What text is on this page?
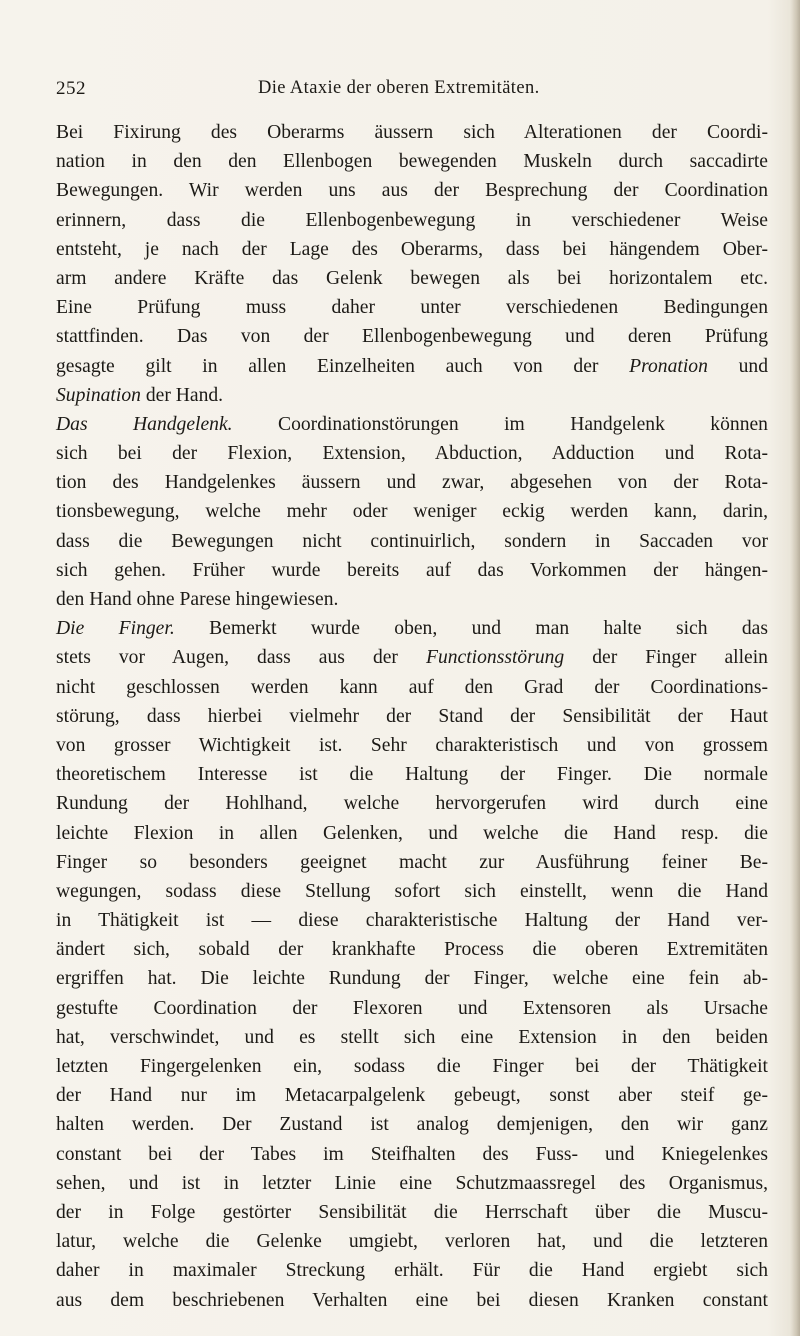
252	Die Ataxie der oberen Extremitäten.
Bei Fixirung des Oberarms äussern sich Alterationen der Coordi-
nation in den den Ellenbogen bewegenden Muskeln durch saccadirte
Bewegungen. Wir werden uns aus der Besprechung der Coordination
erinnern, dass die Ellenbogenbewegung in verschiedener Weise
entsteht, je nach der Lage des Oberarms, dass bei hängendem Ober-
arm andere Kräfte das Gelenk bewegen als bei horizontalem etc.
Eine Prüfung muss daher unter verschiedenen Bedingungen
stattfinden. Das von der Ellenbogenbewegung und deren Prüfung
gesagte gilt in allen Einzelheiten auch von der Pronation und
Supination der Hand.
Das Handgelenk. Coordinationstörungen im Handgelenk können
sich bei der Flexion, Extension, Abduction, Adduction und Rota-
tion des Handgelenkes äussern und zwar, abgesehen von der Rota-
tionsbewegung, welche mehr oder weniger eckig werden kann, darin,
dass die Bewegungen nicht continuirlich, sondern in Saccaden vor
sich gehen. Früher wurde bereits auf das Vorkommen der hängen-
den Hand ohne Parese hingewiesen.
Die Finger. Bemerkt wurde oben, und man halte sich das
stets vor Augen, dass aus der Functionsstörung der Finger allein
nicht geschlossen werden kann auf den Grad der Coordinations-
störung, dass hierbei vielmehr der Stand der Sensibilität der Haut
von grosser Wichtigkeit ist. Sehr charakteristisch und von grossem
theoretischem Interesse ist die Haltung der Finger. Die normale
Rundung der Hohlhand, welche hervorgerufen wird durch eine
leichte Flexion in allen Gelenken, und welche die Hand resp. die
Finger so besonders geeignet macht zur Ausführung feiner Be-
wegungen, sodass diese Stellung sofort sich einstellt, wenn die Hand
in Thätigkeit ist — diese charakteristische Haltung der Hand ver-
ändert sich, sobald der krankhafte Process die oberen Extremitäten
ergriffen hat. Die leichte Rundung der Finger, welche eine fein ab-
gestufte Coordination der Flexoren und Extensoren als Ursache
hat, verschwindet, und es stellt sich eine Extension in den beiden
letzten Fingergelenken ein, sodass die Finger bei der Thätigkeit
der Hand nur im Metacarpalgelenk gebeugt, sonst aber steif ge-
halten werden. Der Zustand ist analog demjenigen, den wir ganz
constant bei der Tabes im Steifhalten des Fuss- und Kniegelenkes
sehen, und ist in letzter Linie eine Schutzmaassregel des Organismus,
der in Folge gestörter Sensibilität die Herrschaft über die Muscu-
latur, welche die Gelenke umgiebt, verloren hat, und die letzteren
daher in maximaler Streckung erhält. Für die Hand ergiebt sich
aus dem beschriebenen Verhalten eine bei diesen Kranken constant
